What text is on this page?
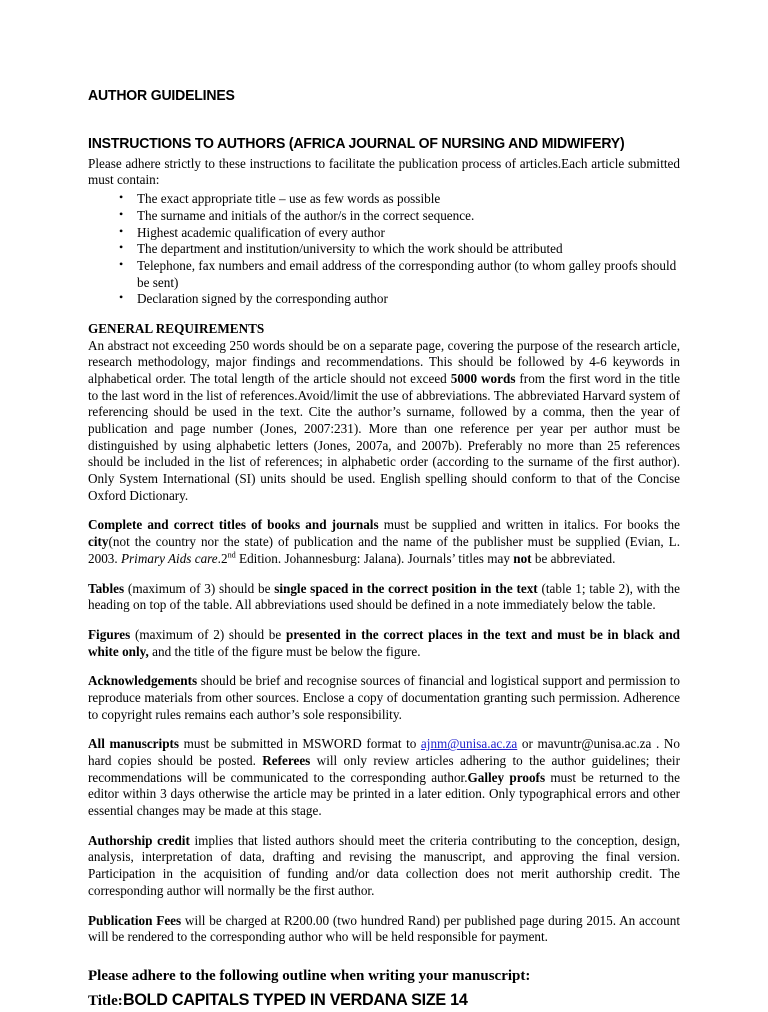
AUTHOR GUIDELINES
INSTRUCTIONS TO AUTHORS (AFRICA JOURNAL OF NURSING AND MIDWIFERY)

Please adhere strictly to these instructions to facilitate the publication process of articles.Each article submitted must contain:

• The exact appropriate title – use as few words as possible
• The surname and initials of the author/s in the correct sequence.
• Highest academic qualification of every author
• The department and institution/university to which the work should be attributed
• Telephone, fax numbers and email address of the corresponding author (to whom galley proofs should be sent)
• Declaration signed by the corresponding author
GENERAL REQUIREMENTS

An abstract not exceeding 250 words should be on a separate page, covering the purpose of the research article, research methodology, major findings and recommendations. This should be followed by 4-6 keywords in alphabetical order. The total length of the article should not exceed 5000 words from the first word in the title to the last word in the list of references.Avoid/limit the use of abbreviations. The abbreviated Harvard system of referencing should be used in the text. Cite the author’s surname, followed by a comma, then the year of publication and page number (Jones, 2007:231). More than one reference per year per author must be distinguished by using alphabetic letters (Jones, 2007a, and 2007b). Preferably no more than 25 references should be included in the list of references; in alphabetic order (according to the surname of the first author). Only System International (SI) units should be used. English spelling should conform to that of the Concise Oxford Dictionary.

Complete and correct titles of books and journals must be supplied and written in italics. For books the city(not the country nor the state) of publication and the name of the publisher must be supplied (Evian, L. 2003. Primary Aids care.2nd Edition. Johannesburg: Jalana). Journals’ titles may not be abbreviated.

Tables (maximum of 3) should be single spaced in the correct position in the text (table 1; table 2), with the heading on top of the table. All abbreviations used should be defined in a note immediately below the table.

Figures (maximum of 2) should be presented in the correct places in the text and must be in black and white only, and the title of the figure must be below the figure.

Acknowledgements should be brief and recognise sources of financial and logistical support and permission to reproduce materials from other sources. Enclose a copy of documentation granting such permission. Adherence to copyright rules remains each author’s sole responsibility.

All manuscripts must be submitted in MSWORD format to ajnm@unisa.ac.za or mavuntr@unisa.ac.za . No hard copies should be posted. Referees will only review articles adhering to the author guidelines; their recommendations will be communicated to the corresponding author.Galley proofs must be returned to the editor within 3 days otherwise the article may be printed in a later edition. Only typographical errors and other essential changes may be made at this stage.

Authorship credit implies that listed authors should meet the criteria contributing to the conception, design, analysis, interpretation of data, drafting and revising the manuscript, and approving the final version. Participation in the acquisition of funding and/or data collection does not merit authorship credit. The corresponding author will normally be the first author.

Publication Fees will be charged at R200.00 (two hundred Rand) per published page during 2015. An account will be rendered to the corresponding author who will be held responsible for payment.

Please adhere to the following outline when writing your manuscript:

Title:BOLD CAPITALS TYPED IN VERDANA SIZE 14
